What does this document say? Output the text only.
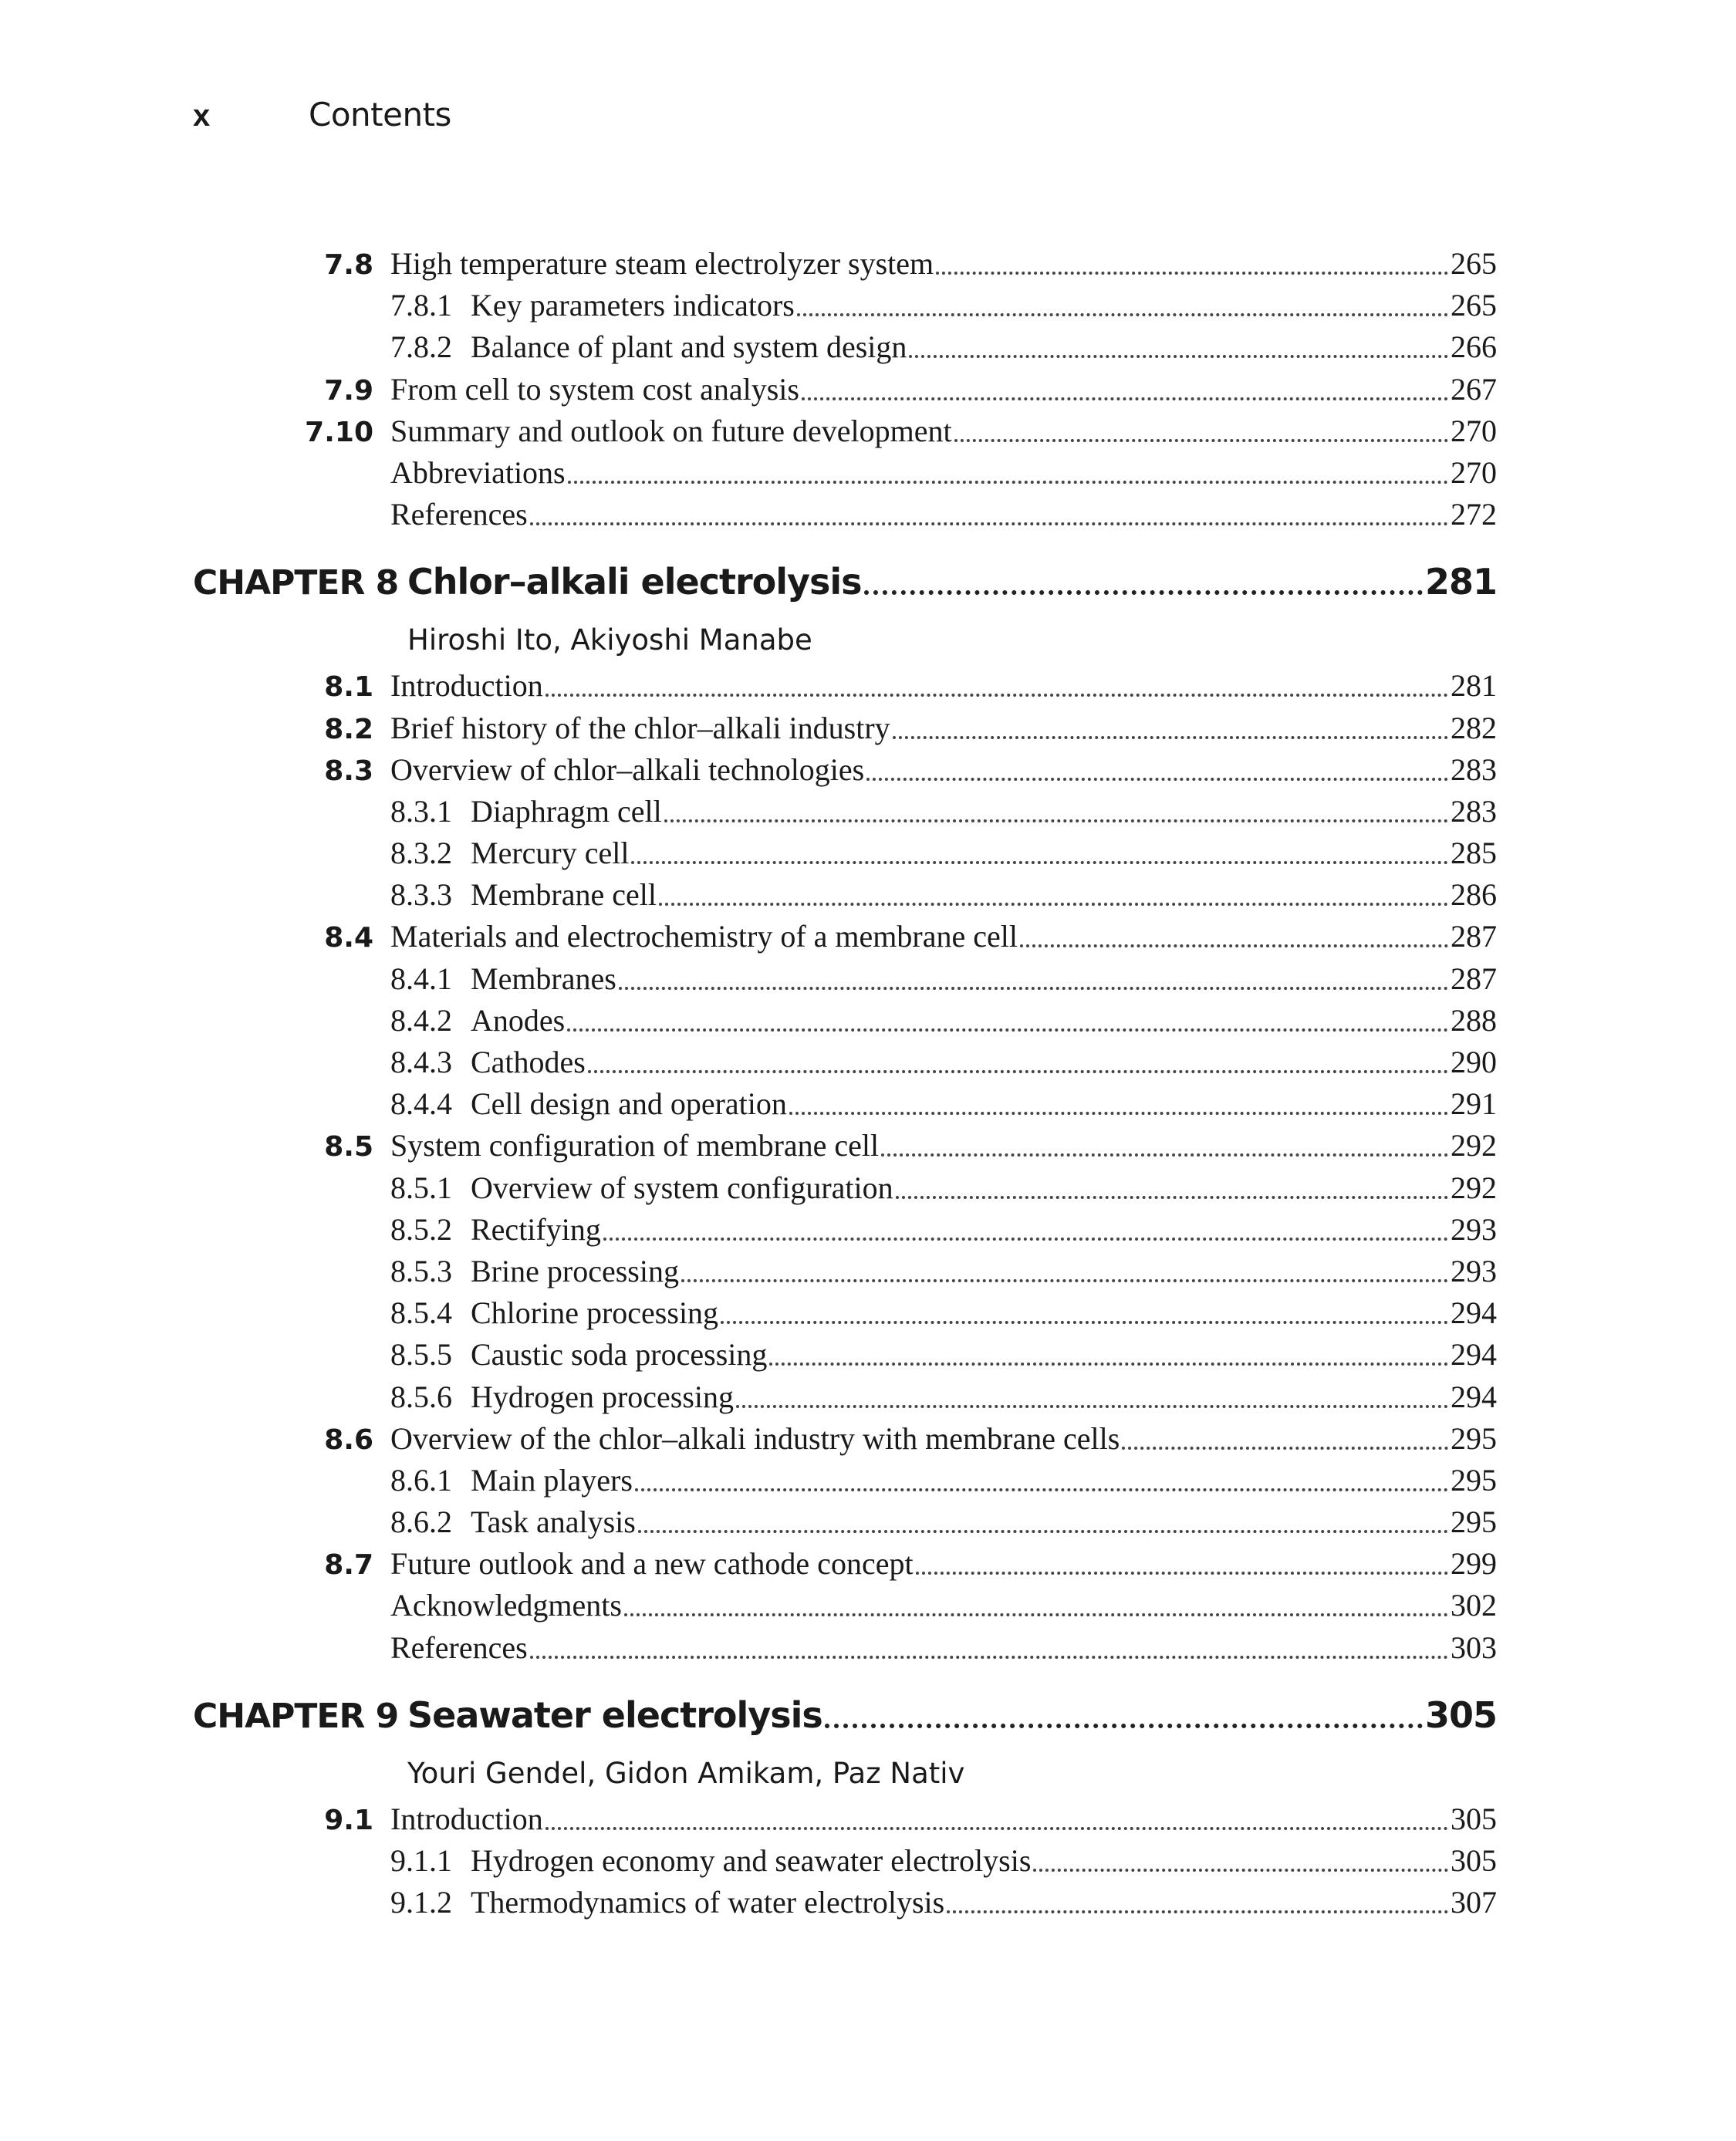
x	Contents
7.8 High temperature steam electrolyzer system	265
7.8.1 Key parameters indicators	265
7.8.2 Balance of plant and system design	266
7.9 From cell to system cost analysis	267
7.10 Summary and outlook on future development	270
Abbreviations	270
References	272
CHAPTER 8 Chlor–alkali electrolysis	281
Hiroshi Ito, Akiyoshi Manabe
8.1 Introduction	281
8.2 Brief history of the chlor–alkali industry	282
8.3 Overview of chlor–alkali technologies	283
8.3.1 Diaphragm cell	283
8.3.2 Mercury cell	285
8.3.3 Membrane cell	286
8.4 Materials and electrochemistry of a membrane cell	287
8.4.1 Membranes	287
8.4.2 Anodes	288
8.4.3 Cathodes	290
8.4.4 Cell design and operation	291
8.5 System configuration of membrane cell	292
8.5.1 Overview of system configuration	292
8.5.2 Rectifying	293
8.5.3 Brine processing	293
8.5.4 Chlorine processing	294
8.5.5 Caustic soda processing	294
8.5.6 Hydrogen processing	294
8.6 Overview of the chlor–alkali industry with membrane cells	295
8.6.1 Main players	295
8.6.2 Task analysis	295
8.7 Future outlook and a new cathode concept	299
Acknowledgments	302
References	303
CHAPTER 9 Seawater electrolysis	305
Youri Gendel, Gidon Amikam, Paz Nativ
9.1 Introduction	305
9.1.1 Hydrogen economy and seawater electrolysis	305
9.1.2 Thermodynamics of water electrolysis	307
